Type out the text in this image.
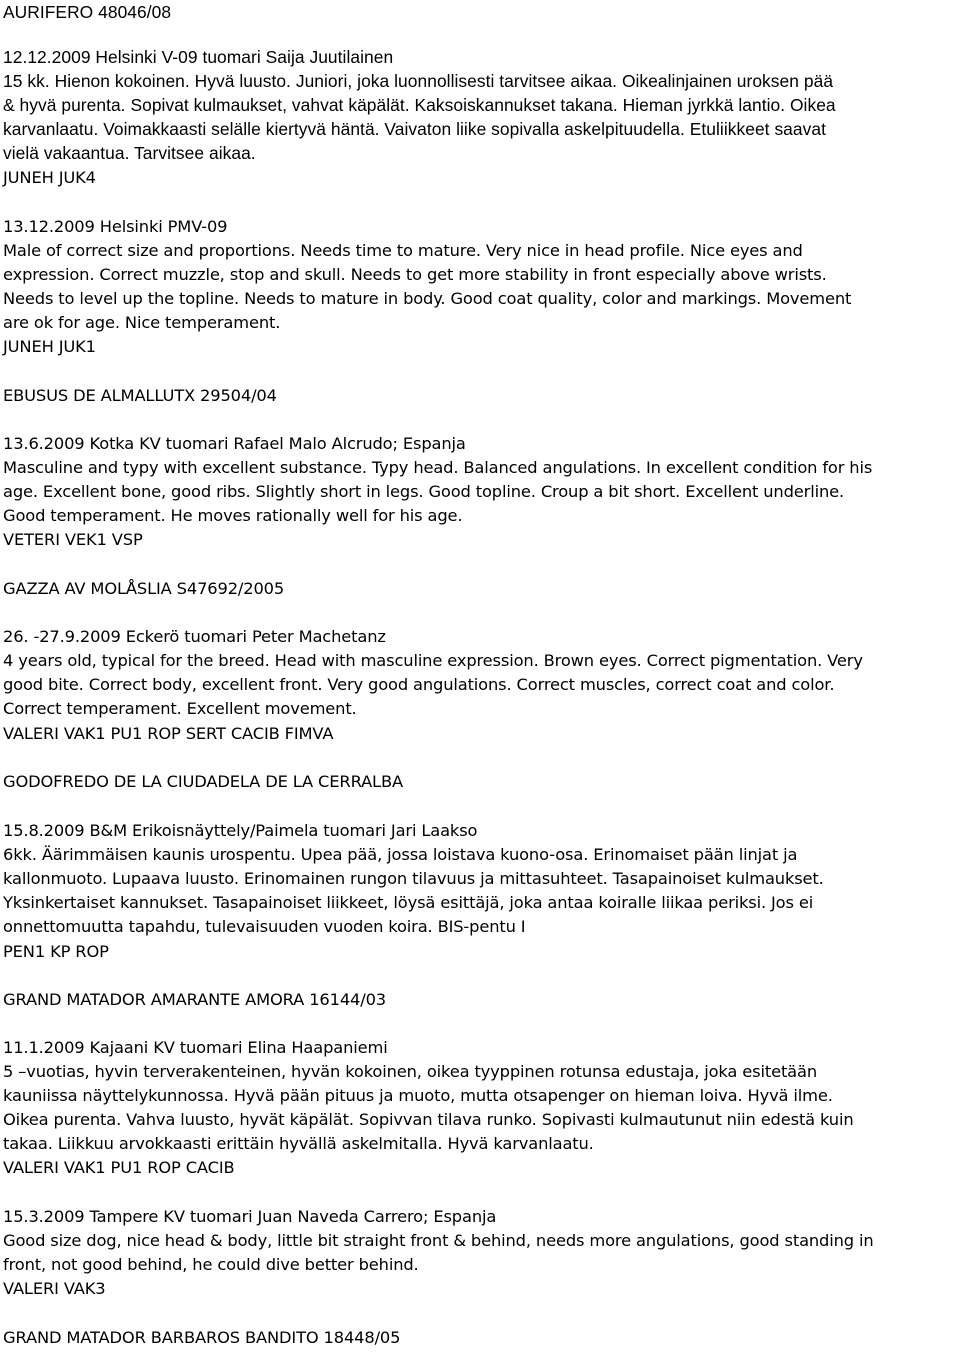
AURIFERO 48046/08
12.12.2009 Helsinki V-09 tuomari Saija Juutilainen
15 kk. Hienon kokoinen. Hyvä luusto. Juniori, joka luonnollisesti tarvitsee aikaa. Oikealinjainen uroksen pää
& hyvä purenta. Sopivat kulmaukset, vahvat käpälät. Kaksoiskannukset takana. Hieman jyrkkä lantio. Oikea
karvanlaatu. Voimakkaasti selälle kiertyvä häntä. Vaivaton liike sopivalla askelpituudella. Etuliikkeet saavat
vielä vakaantua. Tarvitsee aikaa.
JUNEH JUK4
13.12.2009 Helsinki PMV-09
Male of correct size and proportions. Needs time to mature. Very nice in head profile. Nice eyes and
expression. Correct muzzle, stop and skull. Needs to get more stability in front especially above wrists.
Needs to level up the topline. Needs to mature in body. Good coat quality, color and markings. Movement
are ok for age. Nice temperament.
JUNEH JUK1
EBUSUS DE ALMALLUTX 29504/04
13.6.2009 Kotka KV tuomari Rafael Malo Alcrudo; Espanja
Masculine and typy with excellent substance. Typy head. Balanced angulations. In excellent condition for his
age. Excellent bone, good ribs. Slightly short in legs. Good topline. Croup a bit short. Excellent underline.
Good temperament. He moves rationally well for his age.
VETERI VEK1 VSP
GAZZA AV MOLÅSLIA S47692/2005
26. -27.9.2009 Eckerö tuomari Peter Machetanz
4 years old, typical for the breed. Head with masculine expression. Brown eyes. Correct pigmentation. Very
good bite. Correct body, excellent front. Very good angulations. Correct muscles, correct coat and color.
Correct temperament. Excellent movement.
VALERI VAK1 PU1 ROP SERT CACIB FIMVA
GODOFREDO DE LA CIUDADELA DE LA CERRALBA
15.8.2009 B&M Erikoisnäyttely/Paimela tuomari Jari Laakso
6kk. Äärimmäisen kaunis urospentu. Upea pää, jossa loistava kuono-osa. Erinomaiset pään linjat ja
kallonmuoto. Lupaava luusto. Erinomainen rungon tilavuus ja mittasuhteet. Tasapainoiset kulmaukset.
Yksinkertaiset kannukset. Tasapainoiset liikkeet, löysä esittäjä, joka antaa koiralle liikaa periksi. Jos ei
onnettomuutta tapahdu, tulevaisuuden vuoden koira. BIS-pentu I
PEN1 KP ROP
GRAND MATADOR AMARANTE AMORA 16144/03
11.1.2009 Kajaani KV tuomari Elina Haapaniemi
5 –vuotias, hyvin terverakenteinen, hyvän kokoinen, oikea tyyppinen rotunsa edustaja, joka esitetään
kauniissa näyttelykunnossa. Hyvä pään pituus ja muoto, mutta otsapenger on hieman loiva. Hyvä ilme.
Oikea purenta. Vahva luusto, hyvät käpälät. Sopivvan tilava runko. Sopivasti kulmautunut niin edestä kuin
takaa. Liikkuu arvokkaasti erittäin hyvällä askelmitalla. Hyvä karvanlaatu.
VALERI VAK1 PU1 ROP CACIB
15.3.2009 Tampere KV tuomari Juan Naveda Carrero; Espanja
Good size dog, nice head & body, little bit straight front & behind, needs more angulations, good standing in
front, not good behind, he could dive better behind.
VALERI VAK3
GRAND MATADOR BARBAROS BANDITO 18448/05
